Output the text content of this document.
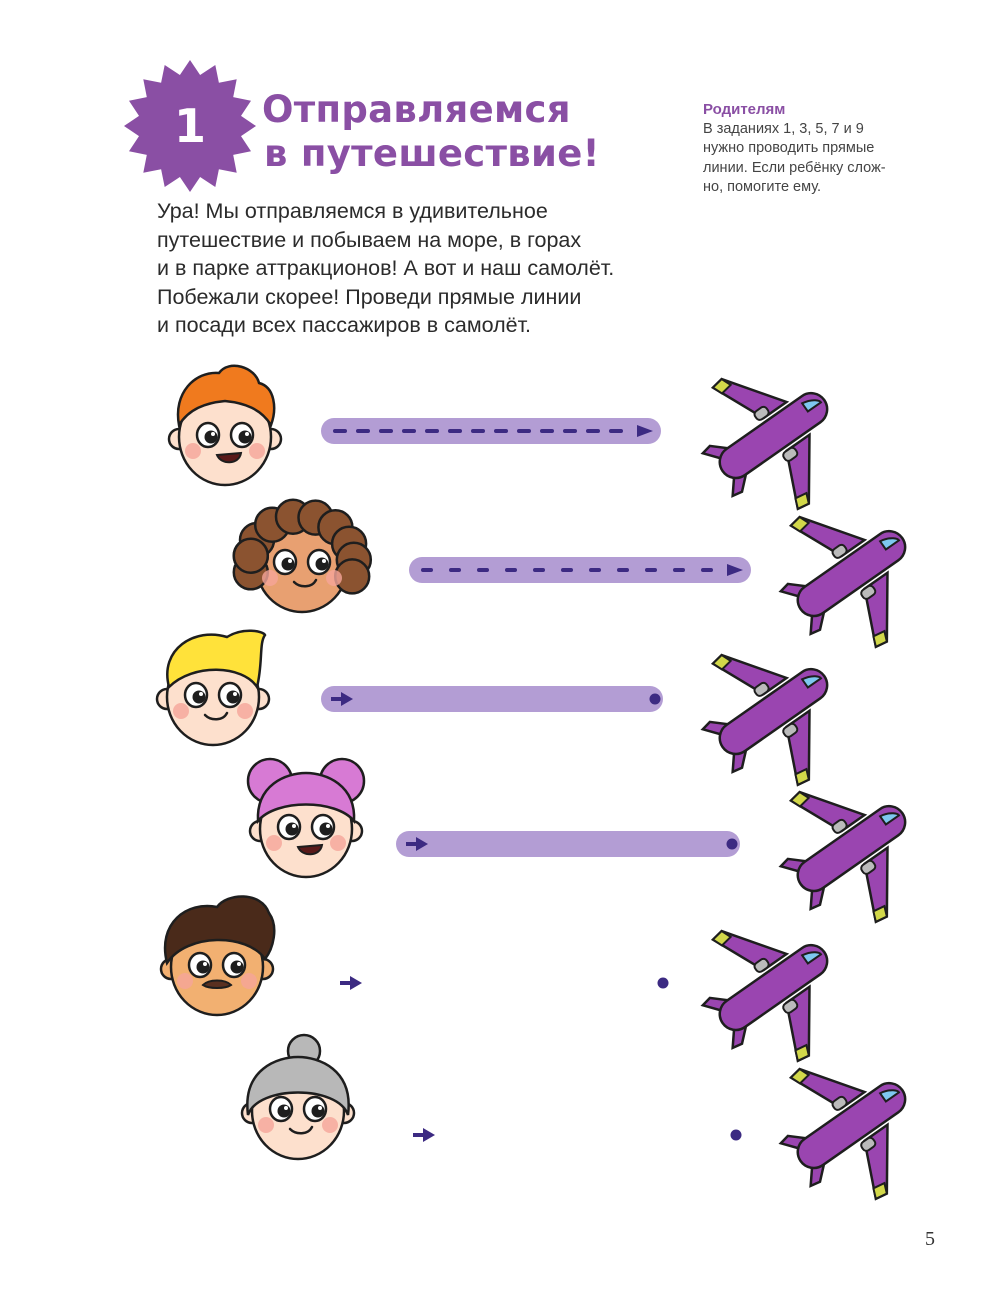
1	Отправляемся
в путешествие!
Ура! Мы отправляемся в удивительное
путешествие и побываем на море, в горах
и в парке аттракционов! А вот и наш самолёт.
Побежали скорее! Проведи прямые линии
и посади всех пассажиров в самолёт.
Родителям
В заданиях 1, 3, 5, 7 и 9
нужно проводить прямые
линии. Если ребёнку слож-
но, помогите ему.
5
